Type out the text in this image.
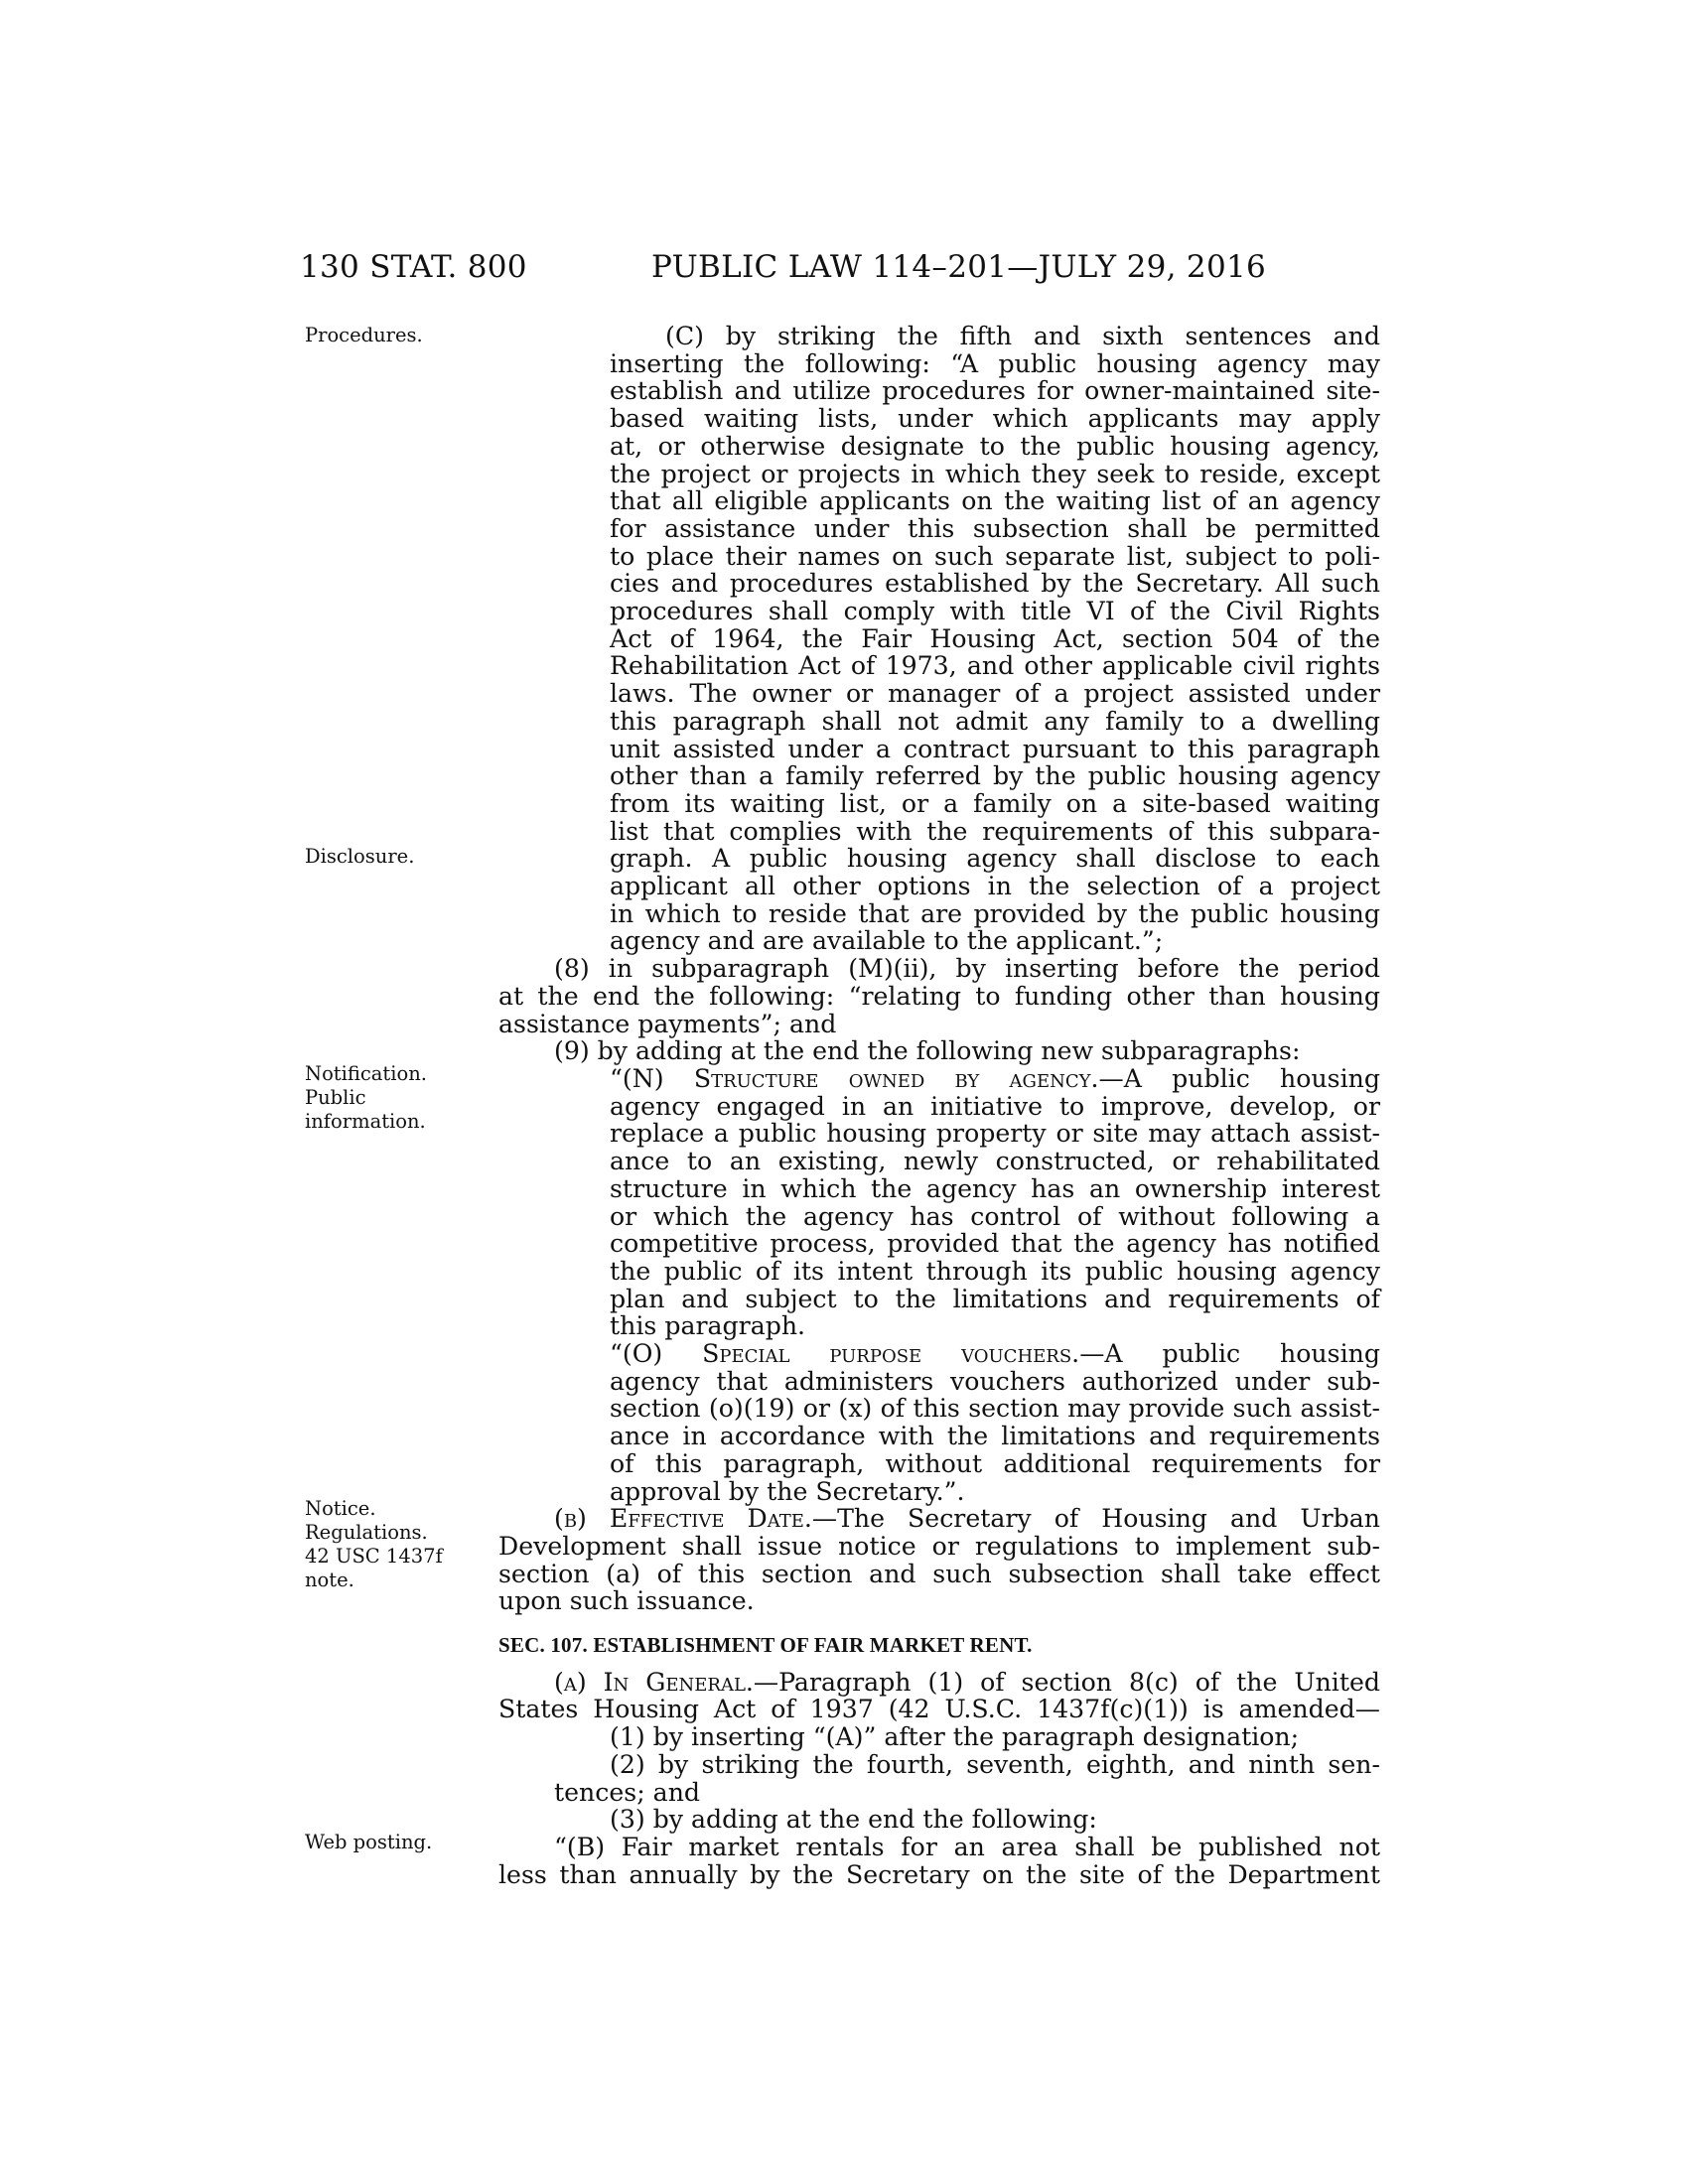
130 STAT. 800	PUBLIC LAW 114–201—JULY 29, 2016
Procedures.
Disclosure.
Notification.
Public
information.
Notice.
Regulations.
42 USC 1437f
note.
Web posting.

(C) by striking the fifth and sixth sentences and

inserting the following: “A public housing agency may

establish and utilize procedures for owner-maintained site-

based waiting lists, under which applicants may apply

at, or otherwise designate to the public housing agency,

the project or projects in which they seek to reside, except

that all eligible applicants on the waiting list of an agency

for assistance under this subsection shall be permitted

to place their names on such separate list, subject to poli-

cies and procedures established by the Secretary. All such

procedures shall comply with title VI of the Civil Rights

Act of 1964, the Fair Housing Act, section 504 of the

Rehabilitation Act of 1973, and other applicable civil rights

laws. The owner or manager of a project assisted under

this paragraph shall not admit any family to a dwelling

unit assisted under a contract pursuant to this paragraph

other than a family referred by the public housing agency

from its waiting list, or a family on a site-based waiting

list that complies with the requirements of this subpara-

graph. A public housing agency shall disclose to each

applicant all other options in the selection of a project

in which to reside that are provided by the public housing

agency and are available to the applicant.”;

(8) in subparagraph (M)(ii), by inserting before the period

at the end the following: “relating to funding other than housing

assistance payments”; and

(9) by adding at the end the following new subparagraphs:

“(N) Structure owned by agency.—A public housing

agency engaged in an initiative to improve, develop, or

replace a public housing property or site may attach assist-

ance to an existing, newly constructed, or rehabilitated

structure in which the agency has an ownership interest

or which the agency has control of without following a

competitive process, provided that the agency has notified

the public of its intent through its public housing agency

plan and subject to the limitations and requirements of

this paragraph.

“(O) Special purpose vouchers.—A public housing

agency that administers vouchers authorized under sub-

section (o)(19) or (x) of this section may provide such assist-

ance in accordance with the limitations and requirements

of this paragraph, without additional requirements for

approval by the Secretary.”.

(b) Effective Date.—The Secretary of Housing and Urban

Development shall issue notice or regulations to implement sub-

section (a) of this section and such subsection shall take effect

upon such issuance.

SEC. 107. ESTABLISHMENT OF FAIR MARKET RENT.

(a) In General.—Paragraph (1) of section 8(c) of the United

States Housing Act of 1937 (42 U.S.C. 1437f(c)(1)) is amended—

(1) by inserting “(A)” after the paragraph designation;

(2) by striking the fourth, seventh, eighth, and ninth sen-

tences; and

(3) by adding at the end the following:

“(B) Fair market rentals for an area shall be published not

less than annually by the Secretary on the site of the Department
